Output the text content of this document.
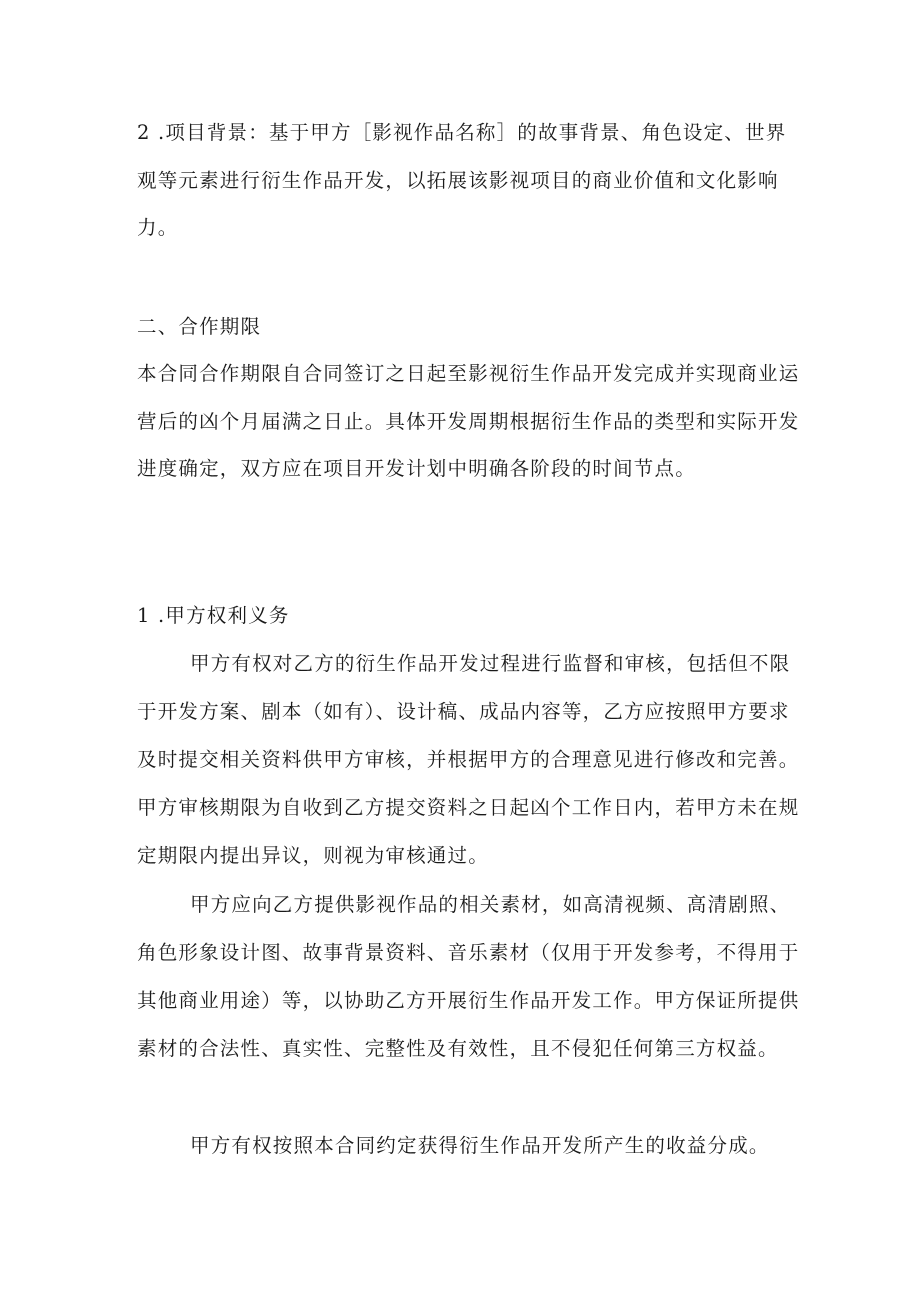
2 .项目背景：基于甲方［影视作品名称］的故事背景、角色设定、世界

观等元素进行衍生作品开发，以拓展该影视项目的商业价值和文化影响

力。

二、合作期限

本合同合作期限自合同签订之日起至影视衍生作品开发完成并实现商业运

营后的凶个月届满之日止。具体开发周期根据衍生作品的类型和实际开发

进度确定，双方应在项目开发计划中明确各阶段的时间节点。

1 .甲方权利义务

甲方有权对乙方的衍生作品开发过程进行监督和审核，包括但不限

于开发方案、剧本（如有）、设计稿、成品内容等，乙方应按照甲方要求

及时提交相关资料供甲方审核，并根据甲方的合理意见进行修改和完善。

甲方审核期限为自收到乙方提交资料之日起凶个工作日内，若甲方未在规

定期限内提出异议，则视为审核通过。

甲方应向乙方提供影视作品的相关素材，如高清视频、高清剧照、

角色形象设计图、故事背景资料、音乐素材（仅用于开发参考，不得用于

其他商业用途）等，以协助乙方开展衍生作品开发工作。甲方保证所提供

素材的合法性、真实性、完整性及有效性，且不侵犯任何第三方权益。

甲方有权按照本合同约定获得衍生作品开发所产生的收益分成。
